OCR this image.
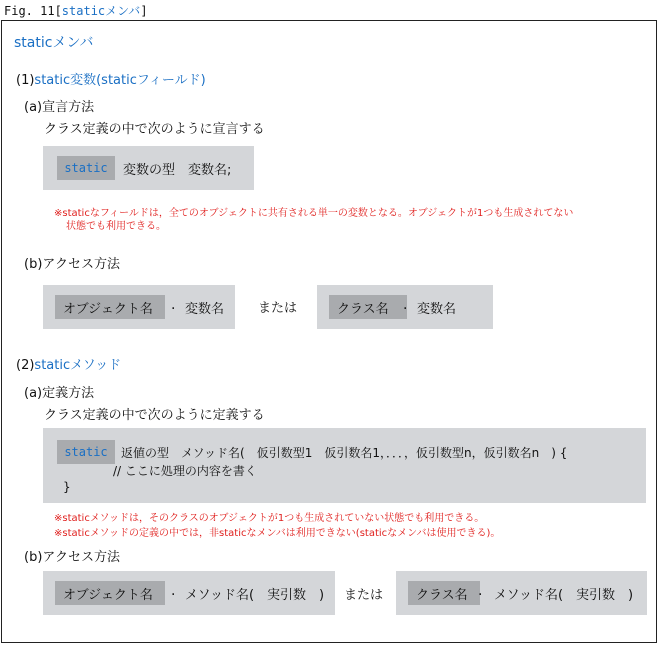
Fig. 11[staticメンバ]
staticメンバ
(1)static変数(staticフィールド)
(a)宣言方法
クラス定義の中で次のように宣言する
static	変数の型　変数名;
※staticなフィールドは，全てのオブジェクトに共有される単一の変数となる。オブジェクトが1つも生成されてない
状態でも利用できる。
(b)アクセス方法
オブジェクト名	. 変数名	または	クラス名	. 変数名
(2)staticメソッド
(a)定義方法
クラス定義の中で次のように定義する
static	返値の型　メソッド名(　仮引数型1　仮引数名1，．．．，仮引数型n，仮引数名n　) {
// ここに処理の内容を書く
}
※staticメソッドは，そのクラスのオブジェクトが1つも生成されていない状態でも利用できる。
※staticメソッドの定義の中では，非staticなメンバは利用できない(staticなメンバは使用できる)。
(b)アクセス方法
オブジェクト名	. メソッド名(　実引数　) または	クラス名 . メソッド名(　実引数　)
